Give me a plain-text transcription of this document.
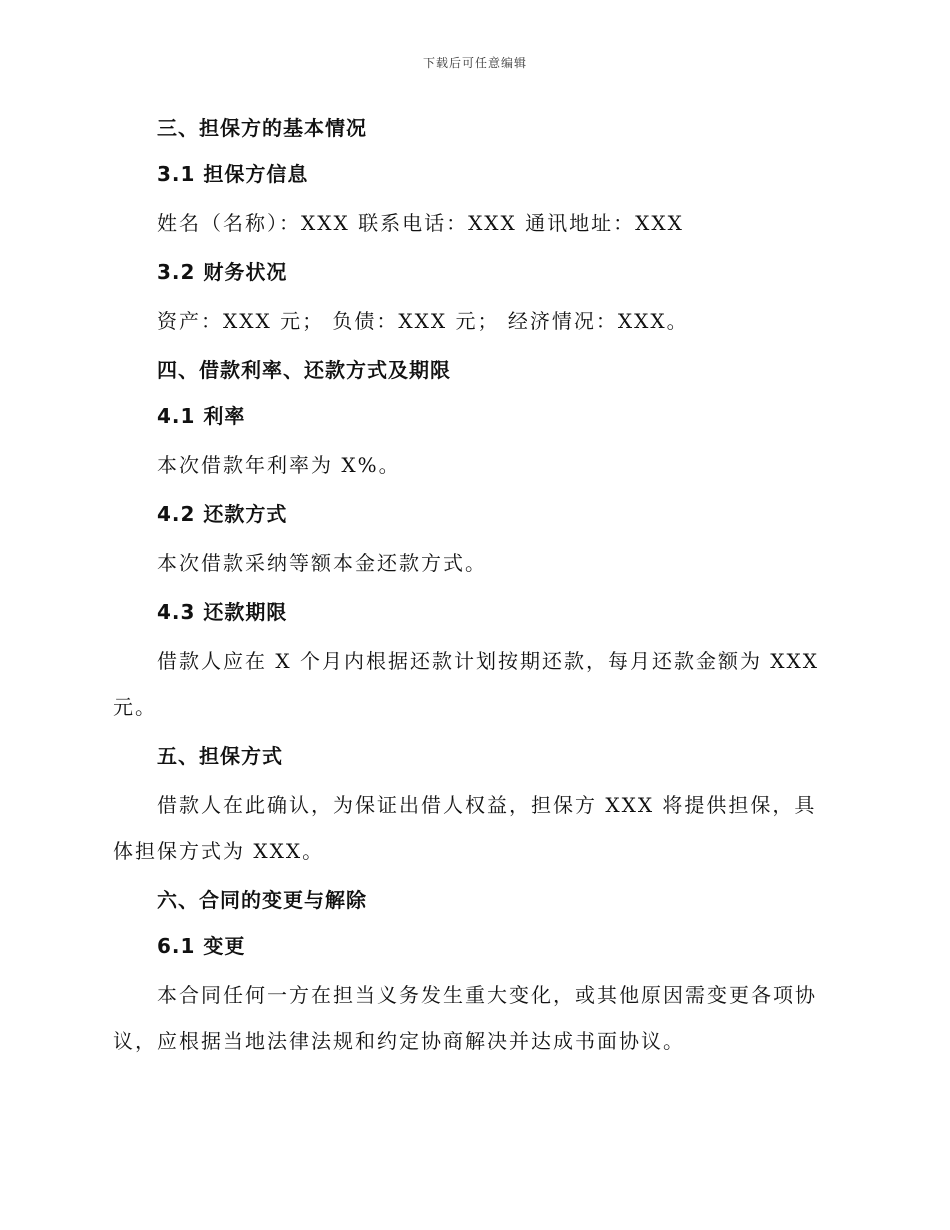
下载后可任意编辑
三、担保方的基本情况
3.1 担保方信息

姓名（名称）：XXX 联系电话：XXX 通讯地址：XXX

3.2 财务状况

资产：XXX 元； 负债：XXX 元； 经济情况：XXX。

四、借款利率、还款方式及期限
4.1 利率

本次借款年利率为 X%。

4.2 还款方式

本次借款采纳等额本金还款方式。

4.3 还款期限

借款人应在 X 个月内根据还款计划按期还款，每月还款金额为 XXX 元。

五、担保方式

借款人在此确认，为保证出借人权益，担保方 XXX 将提供担保，具体担保方式为 XXX。

六、合同的变更与解除
6.1 变更

本合同任何一方在担当义务发生重大变化，或其他原因需变更各项协议，应根据当地法律法规和约定协商解决并达成书面协议。
